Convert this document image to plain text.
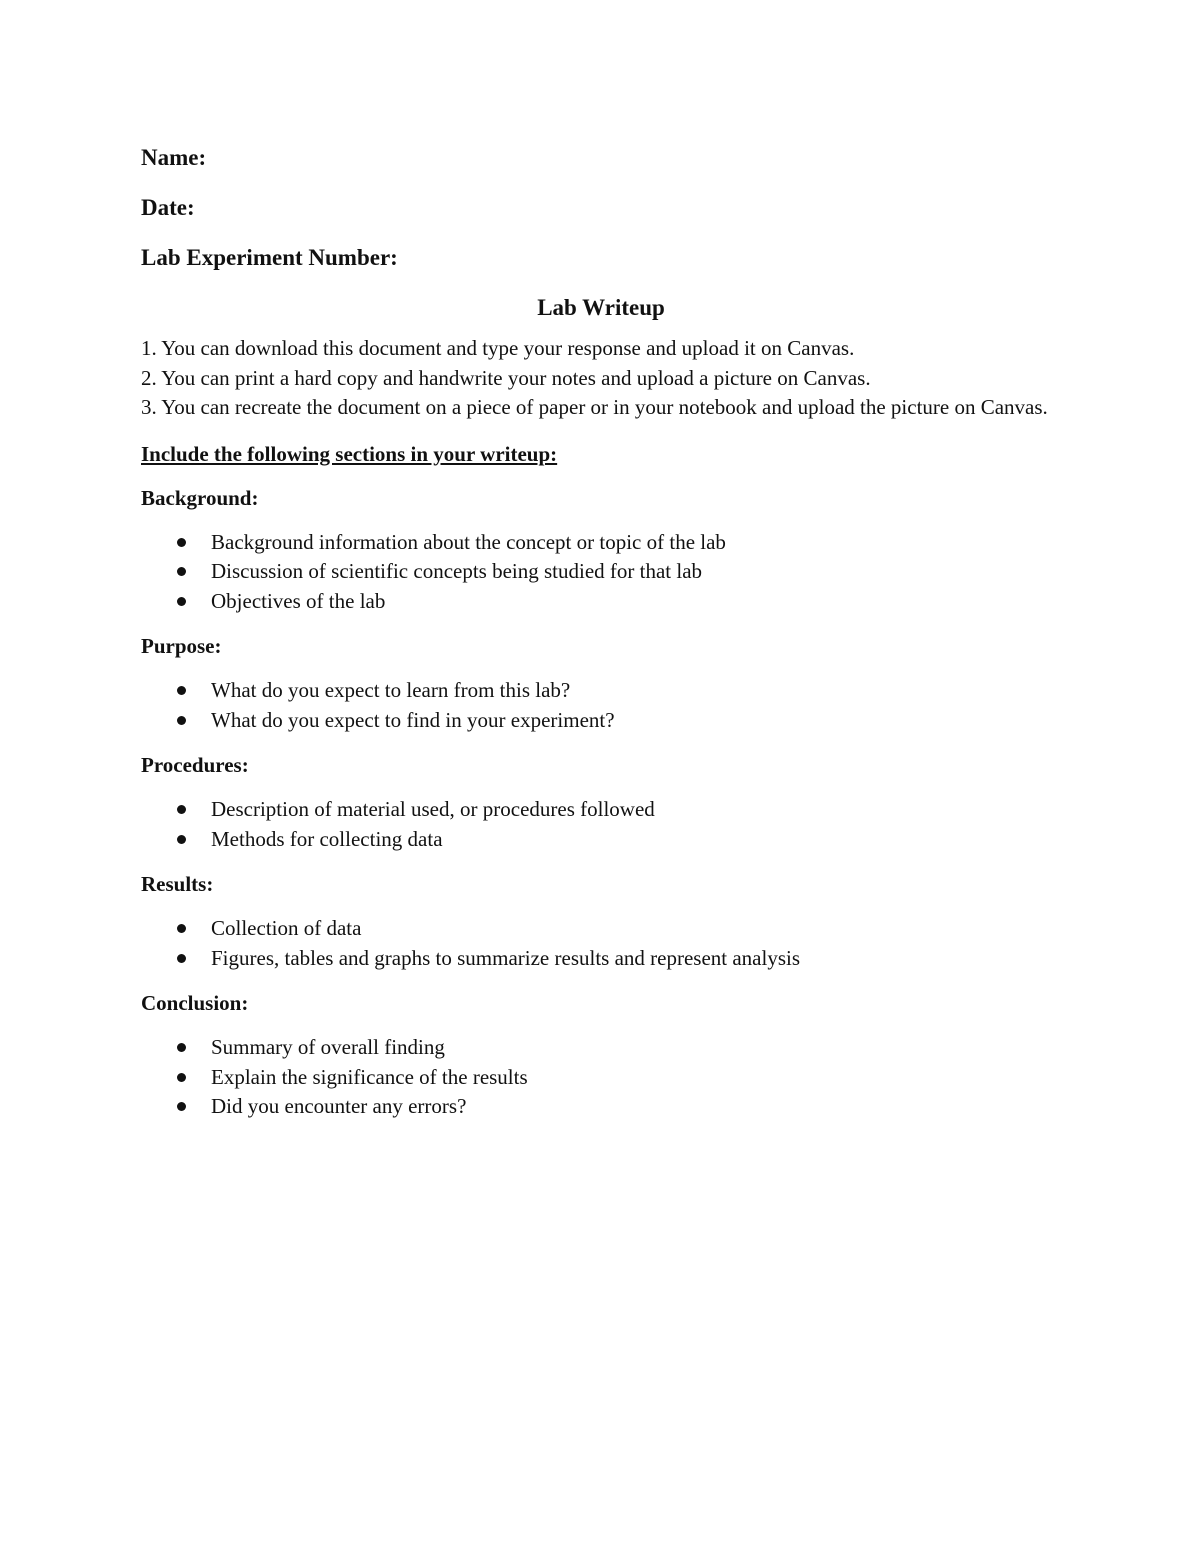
Name:
Date:
Lab Experiment Number:
Lab Writeup
1. You can download this document and type your response and upload it on Canvas.
2. You can print a hard copy and handwrite your notes and upload a picture on Canvas.
3. You can recreate the document on a piece of paper or in your notebook and upload the picture on Canvas.
Include the following sections in your writeup:
Background:
Background information about the concept or topic of the lab
Discussion of scientific concepts being studied for that lab
Objectives of the lab
Purpose:
What do you expect to learn from this lab?
What do you expect to find in your experiment?
Procedures:
Description of material used, or procedures followed
Methods for collecting data
Results:
Collection of data
Figures, tables and graphs to summarize results and represent analysis
Conclusion:
Summary of overall finding
Explain the significance of the results
Did you encounter any errors?
